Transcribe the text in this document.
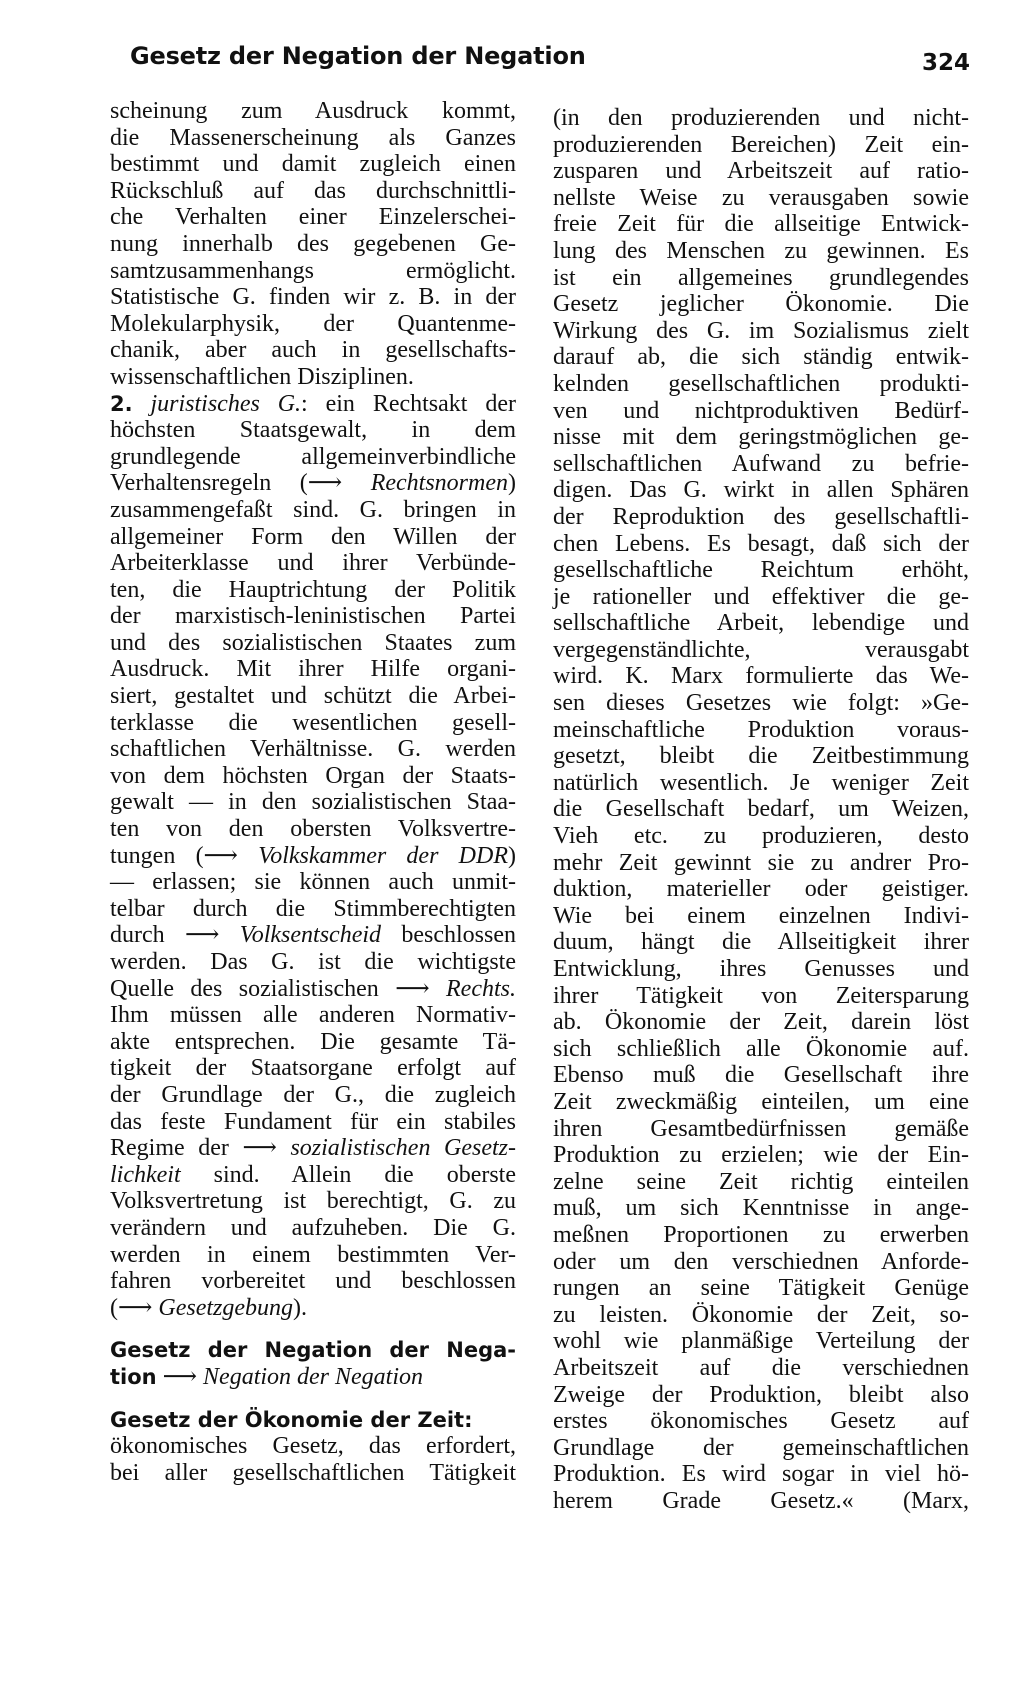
Gesetz der Negation der Negation	324
scheinung zum Ausdruck kommt,
die Massenerscheinung als Ganzes
bestimmt und damit zugleich einen
Rückschluß auf das durchschnittli-
che Verhalten einer Einzelerschei-
nung innerhalb des gegebenen Ge-
samtzusammenhangs ermöglicht.
Statistische G. finden wir z. B. in der
Molekularphysik, der Quantenme-
chanik, aber auch in gesellschafts-
wissenschaftlichen Disziplinen.
2. juristisches G.: ein Rechtsakt der
höchsten Staatsgewalt, in dem
grundlegende allgemeinverbindliche
Verhaltensregeln (⟶ Rechtsnormen)
zusammengefaßt sind. G. bringen in
allgemeiner Form den Willen der
Arbeiterklasse und ihrer Verbünde-
ten, die Hauptrichtung der Politik
der marxistisch-leninistischen Partei
und des sozialistischen Staates zum
Ausdruck. Mit ihrer Hilfe organi-
siert, gestaltet und schützt die Arbei-
terklasse die wesentlichen gesell-
schaftlichen Verhältnisse. G. werden
von dem höchsten Organ der Staats-
gewalt — in den sozialistischen Staa-
ten von den obersten Volksvertre-
tungen (⟶ Volkskammer der DDR)
— erlassen; sie können auch unmit-
telbar durch die Stimmberechtigten
durch ⟶ Volksentscheid beschlossen
werden. Das G. ist die wichtigste
Quelle des sozialistischen ⟶ Rechts.
Ihm müssen alle anderen Normativ-
akte entsprechen. Die gesamte Tä-
tigkeit der Staatsorgane erfolgt auf
der Grundlage der G., die zugleich
das feste Fundament für ein stabiles
Regime der ⟶ sozialistischen Gesetz-
lichkeit sind. Allein die oberste
Volksvertretung ist berechtigt, G. zu
verändern und aufzuheben. Die G.
werden in einem bestimmten Ver-
fahren vorbereitet und beschlossen
(⟶ Gesetzgebung).
Gesetz der Negation der Nega-
tion ⟶ Negation der Negation
Gesetz der Ökonomie der Zeit:
ökonomisches Gesetz, das erfordert,
bei aller gesellschaftlichen Tätigkeit
(in den produzierenden und nicht-
produzierenden Bereichen) Zeit ein-
zusparen und Arbeitszeit auf ratio-
nellste Weise zu verausgaben sowie
freie Zeit für die allseitige Entwick-
lung des Menschen zu gewinnen. Es
ist ein allgemeines grundlegendes
Gesetz jeglicher Ökonomie. Die
Wirkung des G. im Sozialismus zielt
darauf ab, die sich ständig entwik-
kelnden gesellschaftlichen produkti-
ven und nichtproduktiven Bedürf-
nisse mit dem geringstmöglichen ge-
sellschaftlichen Aufwand zu befrie-
digen. Das G. wirkt in allen Sphären
der Reproduktion des gesellschaftli-
chen Lebens. Es besagt, daß sich der
gesellschaftliche Reichtum erhöht,
je rationeller und effektiver die ge-
sellschaftliche Arbeit, lebendige und
vergegenständlichte, verausgabt
wird. K. Marx formulierte das We-
sen dieses Gesetzes wie folgt: »Ge-
meinschaftliche Produktion voraus-
gesetzt, bleibt die Zeitbestimmung
natürlich wesentlich. Je weniger Zeit
die Gesellschaft bedarf, um Weizen,
Vieh etc. zu produzieren, desto
mehr Zeit gewinnt sie zu andrer Pro-
duktion, materieller oder geistiger.
Wie bei einem einzelnen Indivi-
duum, hängt die Allseitigkeit ihrer
Entwicklung, ihres Genusses und
ihrer Tätigkeit von Zeitersparung
ab. Ökonomie der Zeit, darein löst
sich schließlich alle Ökonomie auf.
Ebenso muß die Gesellschaft ihre
Zeit zweckmäßig einteilen, um eine
ihren Gesamtbedürfnissen gemäße
Produktion zu erzielen; wie der Ein-
zelne seine Zeit richtig einteilen
muß, um sich Kenntnisse in ange-
meßnen Proportionen zu erwerben
oder um den verschiednen Anforde-
rungen an seine Tätigkeit Genüge
zu leisten. Ökonomie der Zeit, so-
wohl wie planmäßige Verteilung der
Arbeitszeit auf die verschiednen
Zweige der Produktion, bleibt also
erstes ökonomisches Gesetz auf
Grundlage der gemeinschaftlichen
Produktion. Es wird sogar in viel hö-
herem Grade Gesetz.« (Marx,
